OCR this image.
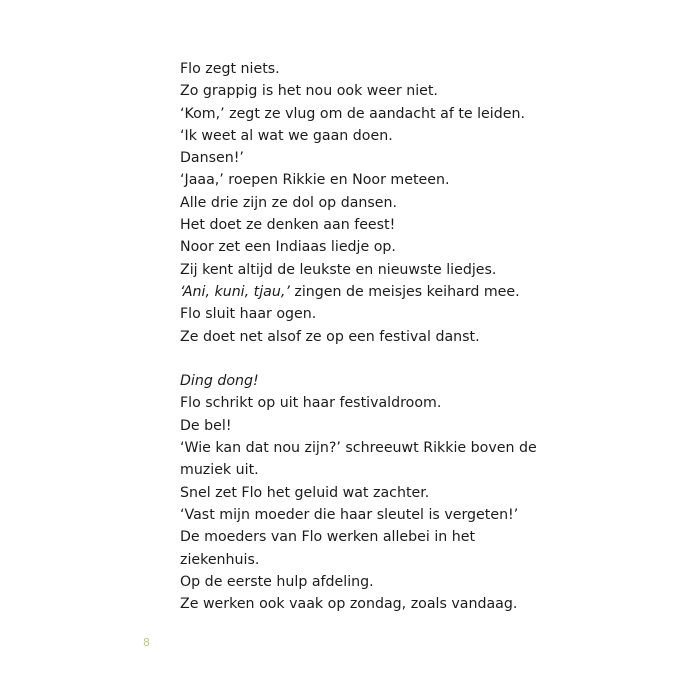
Flo zegt niets.
Zo grappig is het nou ook weer niet.
‘Kom,’ zegt ze vlug om de aandacht af te leiden.
‘Ik weet al wat we gaan doen.
Dansen!’
‘Jaaa,’ roepen Rikkie en Noor meteen.
Alle drie zijn ze dol op dansen.
Het doet ze denken aan feest!
Noor zet een Indiaas liedje op.
Zij kent altijd de leukste en nieuwste liedjes.
‘Ani, kuni, tjau,’ zingen de meisjes keihard mee.
Flo sluit haar ogen.
Ze doet net alsof ze op een festival danst.
Ding dong!
Flo schrikt op uit haar festivaldroom.
De bel!
‘Wie kan dat nou zijn?’ schreeuwt Rikkie boven de
muziek uit.
Snel zet Flo het geluid wat zachter.
‘Vast mijn moeder die haar sleutel is vergeten!’
De moeders van Flo werken allebei in het
ziekenhuis.
Op de eerste hulp afdeling.
Ze werken ook vaak op zondag, zoals vandaag.
8
